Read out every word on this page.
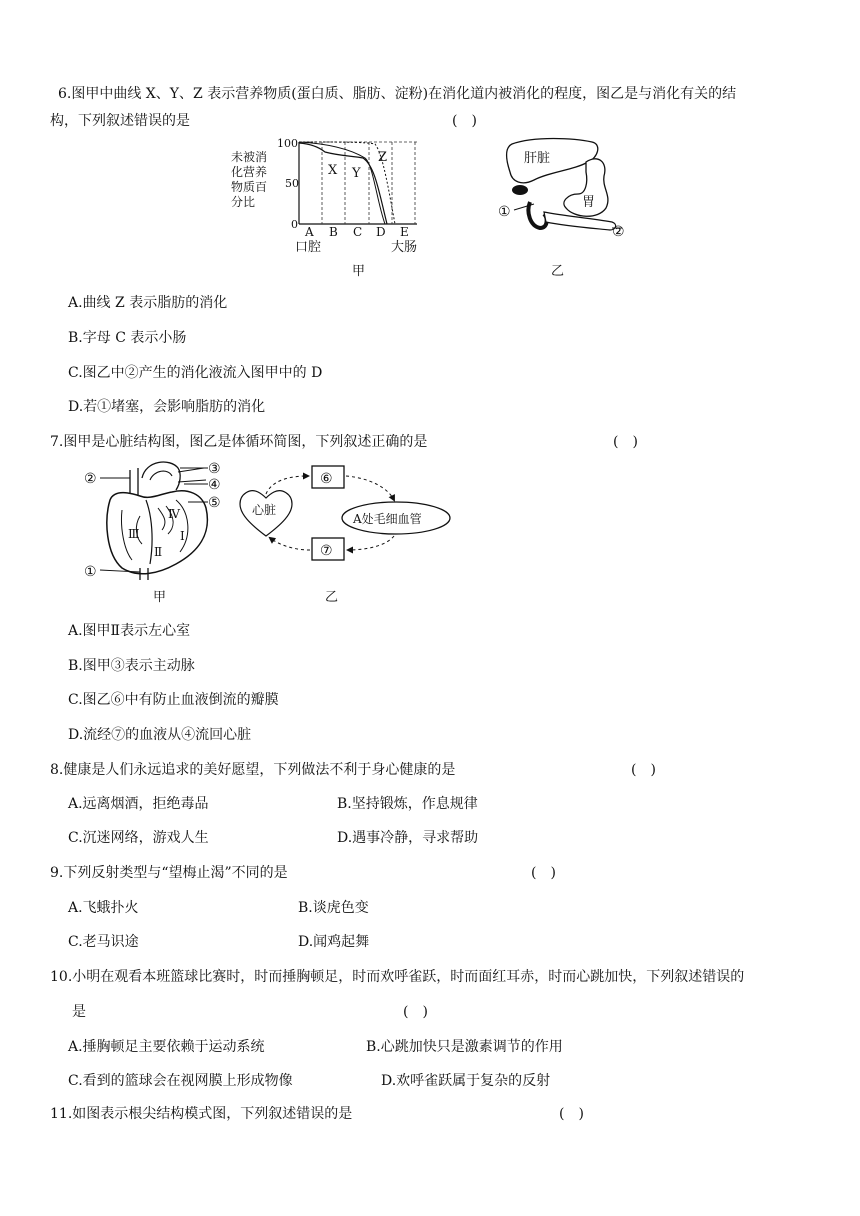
6.图甲中曲线 X、Y、Z 表示营养物质(蛋白质、脂肪、淀粉)在消化道内被消化的程度，图乙是与消化有关的结
构，下列叙述错误的是	(　)
未被消
化营养
物质百
分比
100
50
0
X Y
Z
A B C D E
口腔	大肠
甲
肝脏
胃
①
②
乙
A.曲线 Z 表示脂肪的消化
B.字母 C 表示小肠
C.图乙中②产生的消化液流入图甲中的 D
D.若①堵塞，会影响脂肪的消化
7.图甲是心脏结构图，图乙是体循环简图，下列叙述正确的是	(　)
Ⅲ
Ⅳ
Ⅱ
Ⅰ
②
③
④
⑤
①
甲
心脏
⑥
⑦
A处毛细血管
乙
A.图甲Ⅱ表示左心室
B.图甲③表示主动脉
C.图乙⑥中有防止血液倒流的瓣膜
D.流经⑦的血液从④流回心脏
8.健康是人们永远追求的美好愿望，下列做法不利于身心健康的是	(　)
A.远离烟酒，拒绝毒品	B.坚持锻炼，作息规律
C.沉迷网络，游戏人生	D.遇事冷静，寻求帮助
9.下列反射类型与“望梅止渴”不同的是	(　)
A.飞蛾扑火	B.谈虎色变
C.老马识途	D.闻鸡起舞
10.小明在观看本班篮球比赛时，时而捶胸顿足，时而欢呼雀跃，时而面红耳赤，时而心跳加快，下列叙述错误的
是	(　)
A.捶胸顿足主要依赖于运动系统	B.心跳加快只是激素调节的作用
C.看到的篮球会在视网膜上形成物像	D.欢呼雀跃属于复杂的反射
11.如图表示根尖结构模式图，下列叙述错误的是	(　)
